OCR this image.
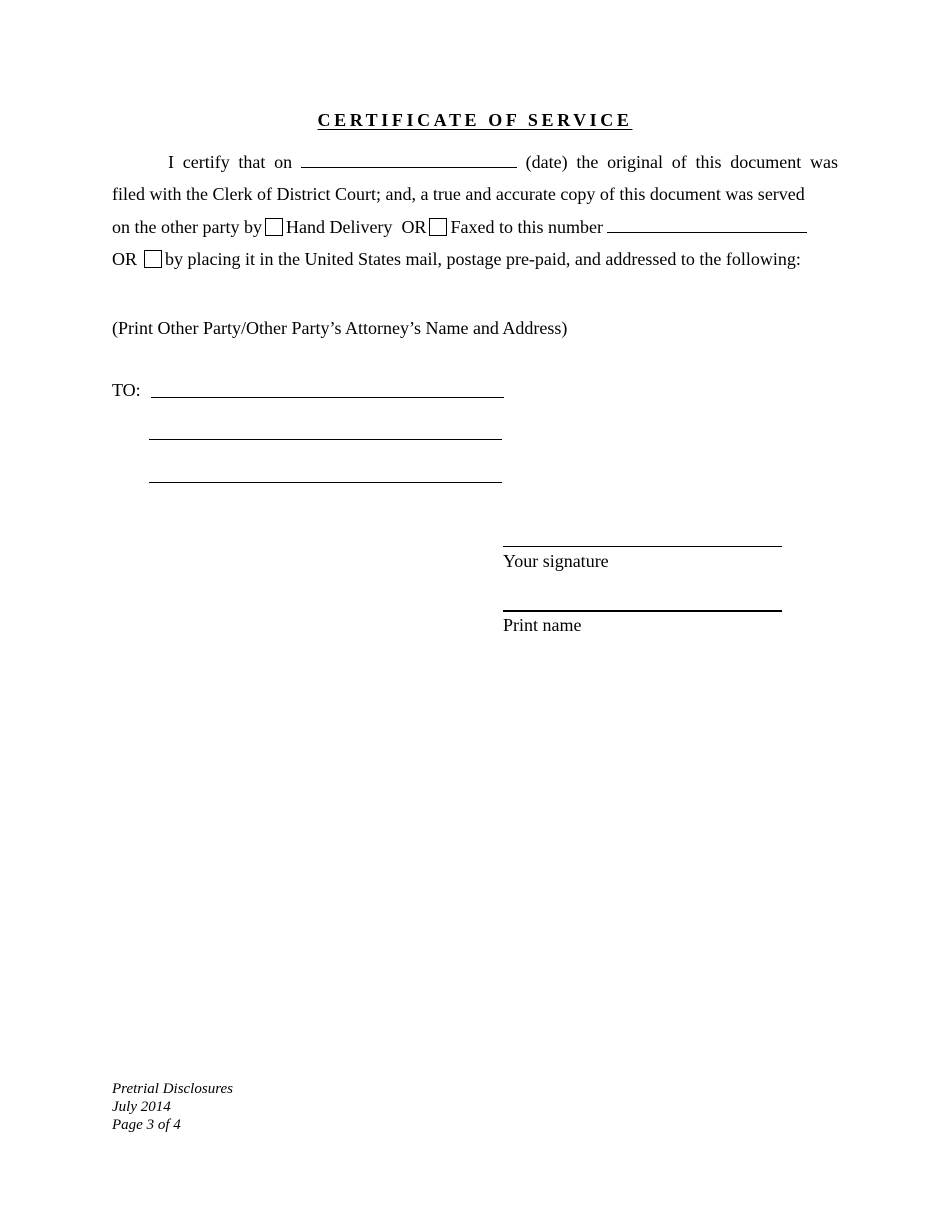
CERTIFICATE OF SERVICE
I certify that on	(date) the original of this document was
filed with the Clerk of District Court; and, a true and accurate copy of this document was served
on the other party by Hand Delivery OR Faxed to this number
OR by placing it in the United States mail, postage pre-paid, and addressed to the following:
(Print Other Party/Other Party’s Attorney’s Name and Address)
TO:
Your signature
Print name
Pretrial Disclosures
July 2014
Page 3 of 4
